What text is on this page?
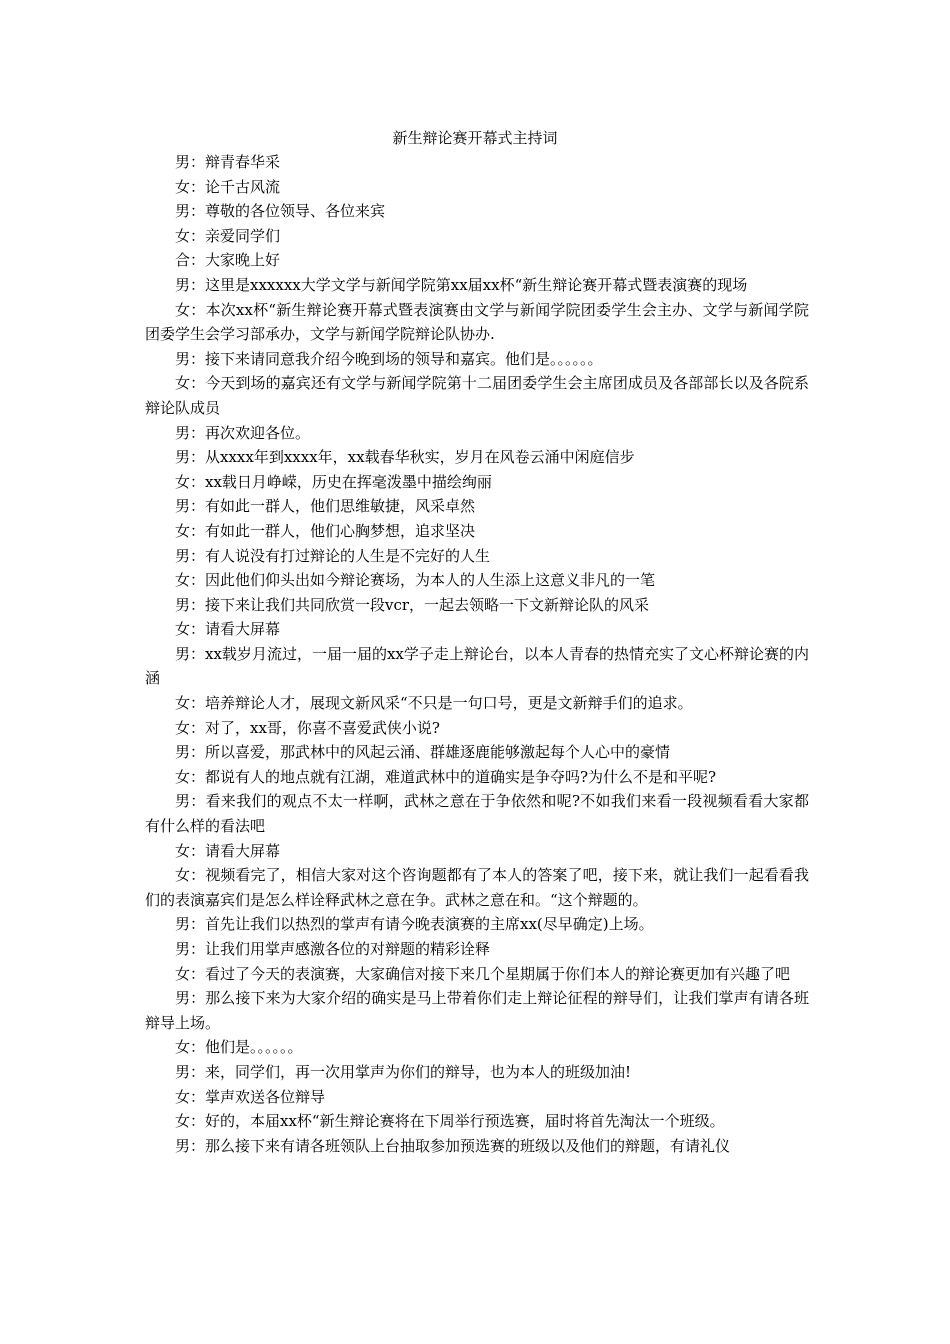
新生辩论赛开幕式主持词

男：辩青春华采

女：论千古风流

男：尊敬的各位领导、各位来宾

女：亲爱同学们

合：大家晚上好

男：这里是xxxxxx大学文学与新闻学院第xx届xx杯“新生辩论赛开幕式暨表演赛的现场

女：本次xx杯“新生辩论赛开幕式暨表演赛由文学与新闻学院团委学生会主办、文学与新闻学院团委学生会学习部承办，文学与新闻学院辩论队协办.

男：接下来请同意我介绍今晚到场的领导和嘉宾。他们是。。。。。。

女：今天到场的嘉宾还有文学与新闻学院第十二届团委学生会主席团成员及各部部长以及各院系辩论队成员

男：再次欢迎各位。

男：从xxxx年到xxxx年，xx载春华秋实，岁月在风卷云涌中闲庭信步

女：xx载日月峥嵘，历史在挥毫泼墨中描绘绚丽

男：有如此一群人，他们思维敏捷，风采卓然

女：有如此一群人，他们心胸梦想，追求坚决

男：有人说没有打过辩论的人生是不完好的人生

女：因此他们仰头出如今辩论赛场，为本人的人生添上这意义非凡的一笔

男：接下来让我们共同欣赏一段vcr，一起去领略一下文新辩论队的风采

女：请看大屏幕

男：xx载岁月流过，一届一届的xx学子走上辩论台，以本人青春的热情充实了文心杯辩论赛的内涵

女：培养辩论人才，展现文新风采“不只是一句口号，更是文新辩手们的追求。

女：对了，xx哥，你喜不喜爱武侠小说?

男：所以喜爱，那武林中的风起云涌、群雄逐鹿能够激起每个人心中的豪情

女：都说有人的地点就有江湖，难道武林中的道确实是争夺吗?为什么不是和平呢?

男：看来我们的观点不太一样啊，武林之意在于争依然和呢?不如我们来看一段视频看看大家都有什么样的看法吧

女：请看大屏幕

女：视频看完了，相信大家对这个咨询题都有了本人的答案了吧，接下来，就让我们一起看看我们的表演嘉宾们是怎么样诠释武林之意在争。武林之意在和。“这个辩题的。

男：首先让我们以热烈的掌声有请今晚表演赛的主席xx(尽早确定)上场。

男：让我们用掌声感激各位的对辩题的精彩诠释

女：看过了今天的表演赛，大家确信对接下来几个星期属于你们本人的辩论赛更加有兴趣了吧

男：那么接下来为大家介绍的确实是马上带着你们走上辩论征程的辩导们，让我们掌声有请各班辩导上场。

女：他们是。。。。。。

男：来，同学们，再一次用掌声为你们的辩导，也为本人的班级加油!

女：掌声欢送各位辩导

女：好的，本届xx杯“新生辩论赛将在下周举行预选赛，届时将首先淘汰一个班级。

男：那么接下来有请各班领队上台抽取参加预选赛的班级以及他们的辩题，有请礼仪
